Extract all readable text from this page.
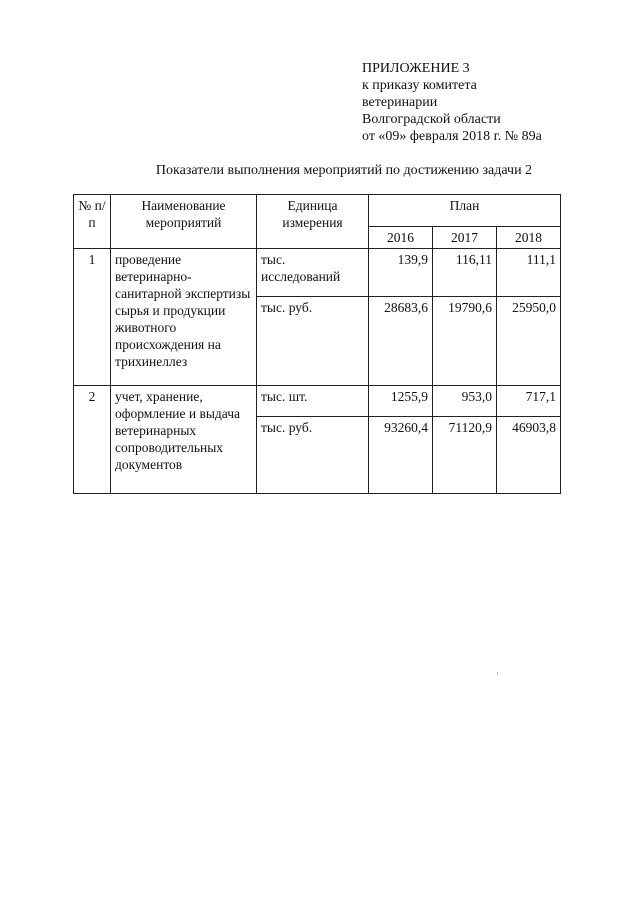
ПРИЛОЖЕНИЕ 3
к приказу комитета
ветеринарии
Волгоградской области
от «09» февраля 2018 г. № 89а
Показатели выполнения мероприятий по достижению задачи 2
№ п/п	Наименование мероприятий	Единица измерения	План		
			2016	2017	2018
1	проведение ветеринарно-санитарной экспертизы сырья и продукции животного происхождения на трихинеллез	тыс. исследований	139,9	116,11	111,1
		тыс. руб.	28683,6	19790,6	25950,0
2	учет, хранение, оформление и выдача ветеринарных сопроводительных документов	тыс. шт.	1255,9	953,0	717,1
		тыс. руб.	93260,4	71120,9	46903,8
